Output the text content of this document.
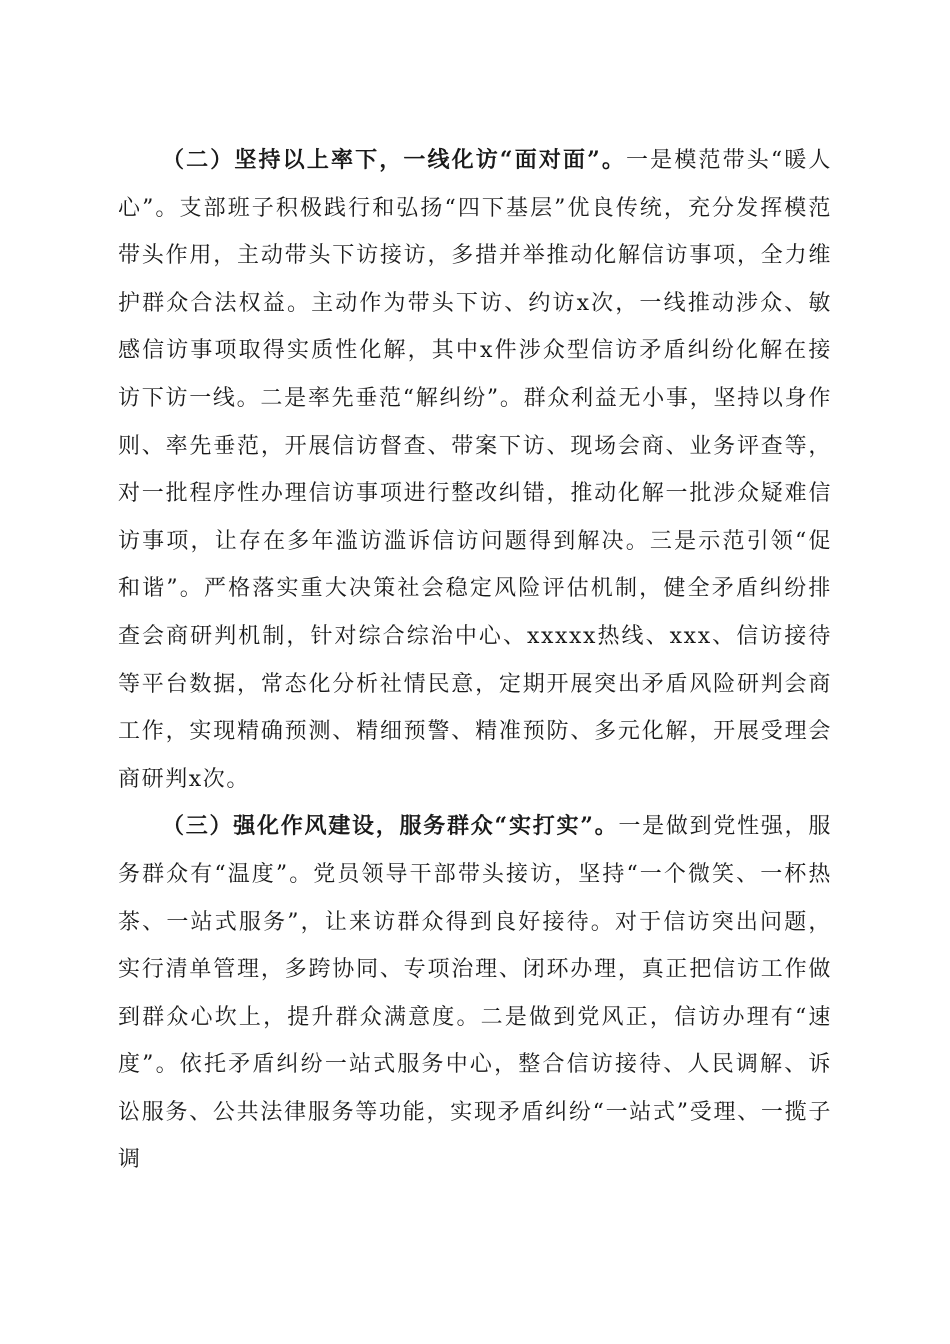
（二）坚持以上率下，一线化访“面对面”。一是模范带头“暖人心”。支部班子积极践行和弘扬“四下基层”优良传统，充分发挥模范带头作用，主动带头下访接访，多措并举推动化解信访事项，全力维护群众合法权益。主动作为带头下访、约访x次，一线推动涉众、敏感信访事项取得实质性化解，其中x件涉众型信访矛盾纠纷化解在接访下访一线。二是率先垂范“解纠纷”。群众利益无小事，坚持以身作则、率先垂范，开展信访督查、带案下访、现场会商、业务评查等，对一批程序性办理信访事项进行整改纠错，推动化解一批涉众疑难信访事项，让存在多年滥访滥诉信访问题得到解决。三是示范引领“促和谐”。严格落实重大决策社会稳定风险评估机制，健全矛盾纠纷排查会商研判机制，针对综合综治中心、xxxxx热线、xxx、信访接待等平台数据，常态化分析社情民意，定期开展突出矛盾风险研判会商工作，实现精确预测、精细预警、精准预防、多元化解，开展受理会商研判x次。

（三）强化作风建设，服务群众“实打实”。一是做到党性强，服务群众有“温度”。党员领导干部带头接访，坚持“一个微笑、一杯热茶、一站式服务”，让来访群众得到良好接待。对于信访突出问题，实行清单管理，多跨协同、专项治理、闭环办理，真正把信访工作做到群众心坎上，提升群众满意度。二是做到党风正，信访办理有“速度”。依托矛盾纠纷一站式服务中心，整合信访接待、人民调解、诉讼服务、公共法律服务等功能，实现矛盾纠纷“一站式”受理、一揽子调
